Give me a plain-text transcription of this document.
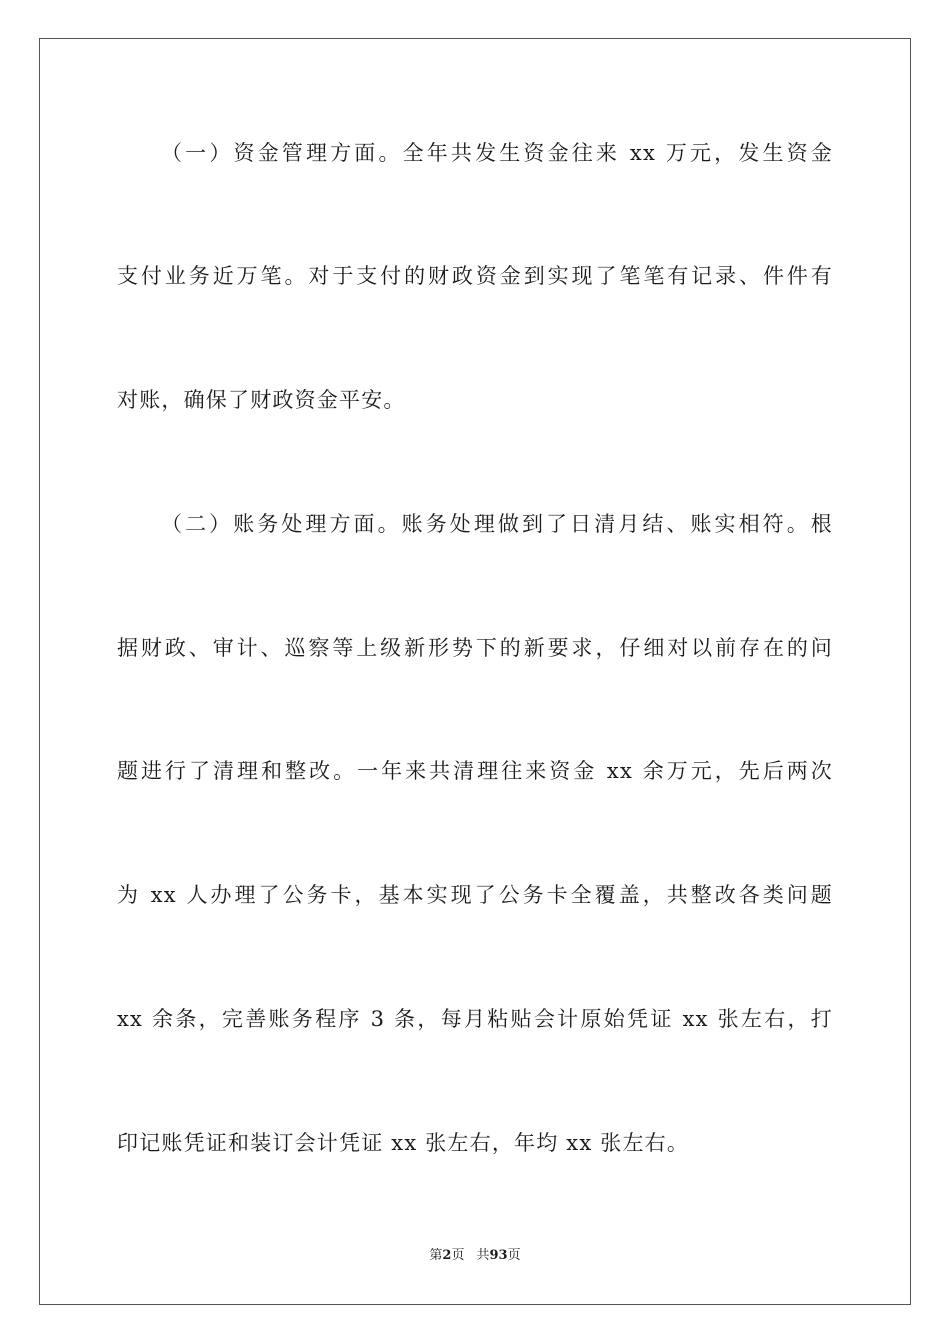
（一）资金管理方面。全年共发生资金往来 xx 万元，发生资金
支付业务近万笔。对于支付的财政资金到实现了笔笔有记录、件件有
对账，确保了财政资金平安。
（二）账务处理方面。账务处理做到了日清月结、账实相符。根
据财政、审计、巡察等上级新形势下的新要求，仔细对以前存在的问
题进行了清理和整改。一年来共清理往来资金 xx 余万元，先后两次
为 xx 人办理了公务卡，基本实现了公务卡全覆盖，共整改各类问题
xx 余条，完善账务程序 3 条，每月粘贴会计原始凭证 xx 张左右，打
印记账凭证和装订会计凭证 xx 张左右，年均 xx 张左右。
第2页 共93页
